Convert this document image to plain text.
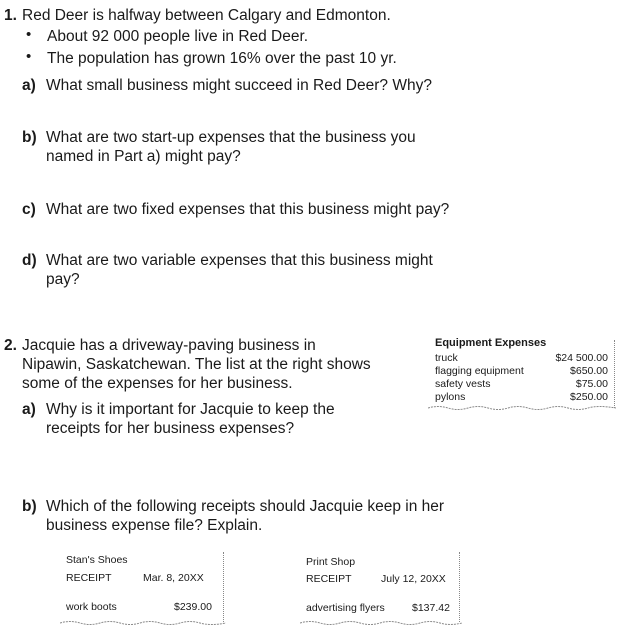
1. Red Deer is halfway between Calgary and Edmonton.
• About 92 000 people live in Red Deer.
• The population has grown 16% over the past 10 yr.
a) What small business might succeed in Red Deer? Why?
b) What are two start-up expenses that the business you
named in Part a) might pay?
c) What are two fixed expenses that this business might pay?
d) What are two variable expenses that this business might
pay?
2. Jacquie has a driveway-paving business in
Nipawin, Saskatchewan. The list at the right shows
some of the expenses for her business.
a) Why is it important for Jacquie to keep the
receipts for her business expenses?
Equipment Expenses
truck	$24 500.00
flagging equipment	$650.00
safety vests	$75.00
pylons	$250.00
b) Which of the following receipts should Jacquie keep in her
business expense file? Explain.
Stan's Shoes
RECEIPT	Mar. 8, 20XX
work boots	$239.00
Print Shop
RECEIPT	July 12, 20XX
advertising flyers	$137.42
